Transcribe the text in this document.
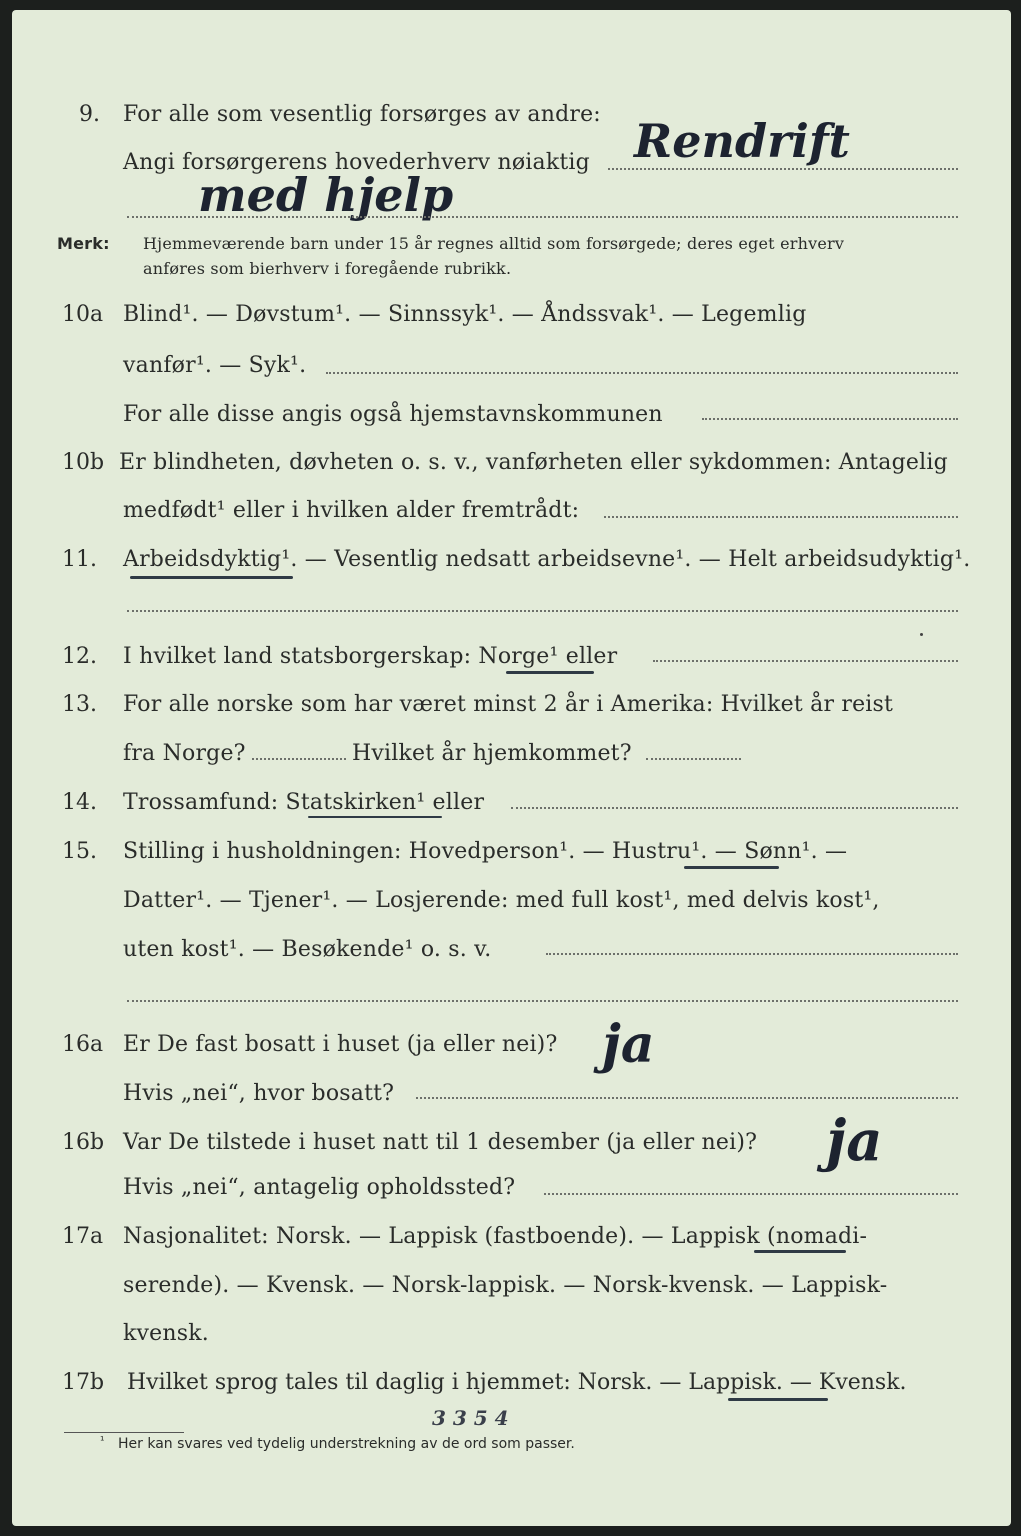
9. For alle som vesentlig forsørges av andre:
Angi forsørgerens hovederhverv nøiaktig Rendrift
med hjelp
Merk: Hjemmeværende barn under 15 år regnes alltid som forsørgede; deres eget erhverv
anføres som bierhverv i foregående rubrikk.
10a Blind¹. — Døvstum¹. — Sinnssyk¹. — Åndssvak¹. — Legemlig
vanfør¹. — Syk¹.
For alle disse angis også hjemstavnskommunen
10b Er blindheten, døvheten o. s. v., vanførheten eller sykdommen: Antagelig
medfødt¹ eller i hvilken alder fremtrådt:
11. Arbeidsdyktig¹. — Vesentlig nedsatt arbeidsevne¹. — Helt arbeidsudyktig¹.
12. I hvilket land statsborgerskap: Norge¹ eller
13. For alle norske som har været minst 2 år i Amerika: Hvilket år reist
fra Norge?	Hvilket år hjemkommet?
14. Trossamfund: Statskirken¹ eller
15. Stilling i husholdningen: Hovedperson¹. — Hustru¹. — Sønn¹. —
Datter¹. — Tjener¹. — Losjerende: med full kost¹, med delvis kost¹,
uten kost¹. — Besøkende¹ o. s. v.
16a Er De fast bosatt i huset (ja eller nei)? ja
Hvis „nei“, hvor bosatt?
16b Var De tilstede i huset natt til 1 desember (ja eller nei)? ja
Hvis „nei“, antagelig opholdssted?
17a Nasjonalitet: Norsk. — Lappisk (fastboende). — Lappisk (nomadi-
serende). — Kvensk. — Norsk-lappisk. — Norsk-kvensk. — Lappisk-
kvensk.
17b Hvilket sprog tales til daglig i hjemmet: Norsk. — Lappisk. — Kvensk.
3 3 5 4
¹ Her kan svares ved tydelig understrekning av de ord som passer.
